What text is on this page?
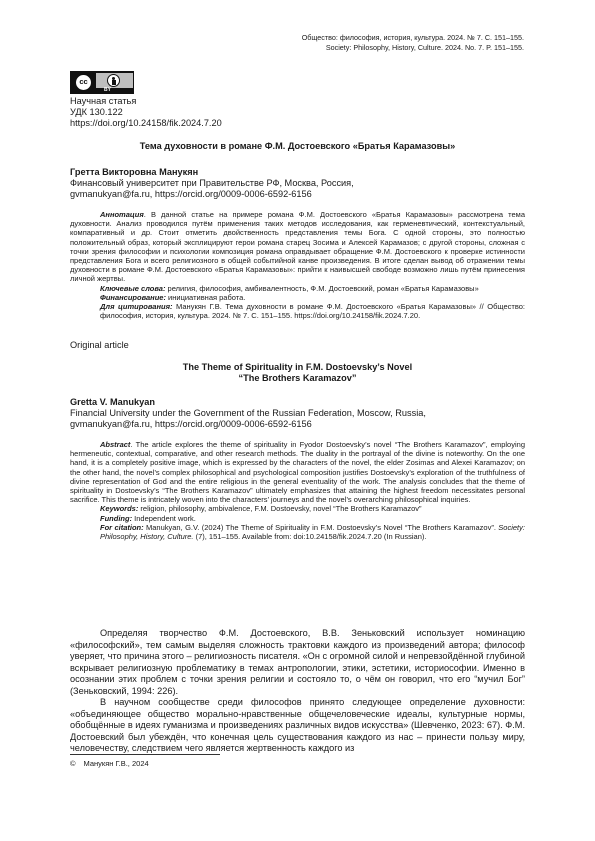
Общество: философия, история, культура. 2024. № 7. С. 151–155.
Society: Philosophy, History, Culture. 2024. No. 7. P. 151–155.
cc
BY
Научная статья
УДК 130.122
https://doi.org/10.24158/fik.2024.7.20
Тема духовности в романе Ф.М. Достоевского «Братья Карамазовы»
Гретта Викторовна Манукян
Финансовый университет при Правительстве РФ, Москва, Россия,
gvmanukyan@fa.ru, https://orcid.org/0009-0006-6592-6156

Аннотация. В данной статье на примере романа Ф.М. Достоевского «Братья Карамазовы» рассмотрена тема духовности. Анализ проводился путём применения таких методов исследования, как герменевтический, контекстуальный, компаративный и др. Стоит отметить двойственность представления темы Бога. С одной стороны, это полностью положительный образ, который эксплицируют герои романа старец Зосима и Алексей Карамазов; с другой стороны, сложная с точки зрения философии и психологии композиция романа оправдывает обращение Ф.М. Достоевского к проверке истинности представления Бога и всего религиозного в общей событийной канве произведения. В итоге сделан вывод об отражении темы духовности в романе Ф.М. Достоевского «Братья Карамазовы»: прийти к наивысшей свободе возможно лишь путём принесения личной жертвы.

Ключевые слова: религия, философия, амбивалентность, Ф.М. Достоевский, роман «Братья Карамазовы»

Финансирование: инициативная работа.

Для цитирования: Манукян Г.В. Тема духовности в романе Ф.М. Достоевского «Братья Карамазовы» // Общество: философия, история, культура. 2024. № 7. С. 151–155. https://doi.org/10.24158/fik.2024.7.20.

Original article
The Theme of Spirituality in F.M. Dostoevsky’s Novel
“The Brothers Karamazov”
Gretta V. Manukyan
Financial University under the Government of the Russian Federation, Moscow, Russia,
gvmanukyan@fa.ru, https://orcid.org/0009-0006-6592-6156

Abstract. The article explores the theme of spirituality in Fyodor Dostoevsky’s novel “The Brothers Karamazov”, employing hermeneutic, contextual, comparative, and other research methods. The duality in the portrayal of the divine is noteworthy. On the one hand, it is a completely positive image, which is expressed by the characters of the novel, the elder Zosimas and Alexei Karamazov; on the other hand, the novel’s complex philosophical and psychological composition justifies Dostoevsky’s exploration of the truthfulness of divine representation of God and the entire religious in the general eventuality of the work. The analysis concludes that the theme of spirituality in Dostoevsky’s “The Brothers Karamazov” ultimately emphasizes that attaining the highest freedom necessitates personal sacrifice. This theme is intricately woven into the characters’ journeys and the novel’s overarching philosophical inquiries.

Keywords: religion, philosophy, ambivalence, F.M. Dostoevsky, novel “The Brothers Karamazov”

Funding: Independent work.

For citation: Manukyan, G.V. (2024) The Theme of Spirituality in F.M. Dostoevsky’s Novel “The Brothers Karamazov”. Society: Philosophy, History, Culture. (7), 151–155. Available from: doi:10.24158/fik.2024.7.20 (In Russian).

Определяя творчество Ф.М. Достоевского, В.В. Зеньковский использует номинацию «философский», тем самым выделяя сложность трактовки каждого из произведений автора; философ уверяет, что причина этого – религиозность писателя. «Он с огромной силой и непревзойдённой глубиной вскрывает религиозную проблематику в темах антропологии, этики, эстетики, историософии. Именно в осознании этих проблем с точки зрения религии и состояло то, о чём он говорил, что его “мучил Бог” (Зеньковский, 1994: 226).

В научном сообществе среди философов принято следующее определение духовности: «объединяющее общество морально-нравственные общечеловеческие идеалы, культурные нормы, обобщённые в идеях гуманизма и произведениях различных видов искусства» (Шевченко, 2023: 67). Ф.М. Достоевский был убеждён, что конечная цель существования каждого из нас – принести пользу миру, человечеству, следствием чего является жертвенность каждого из

© Манукян Г.В., 2024
